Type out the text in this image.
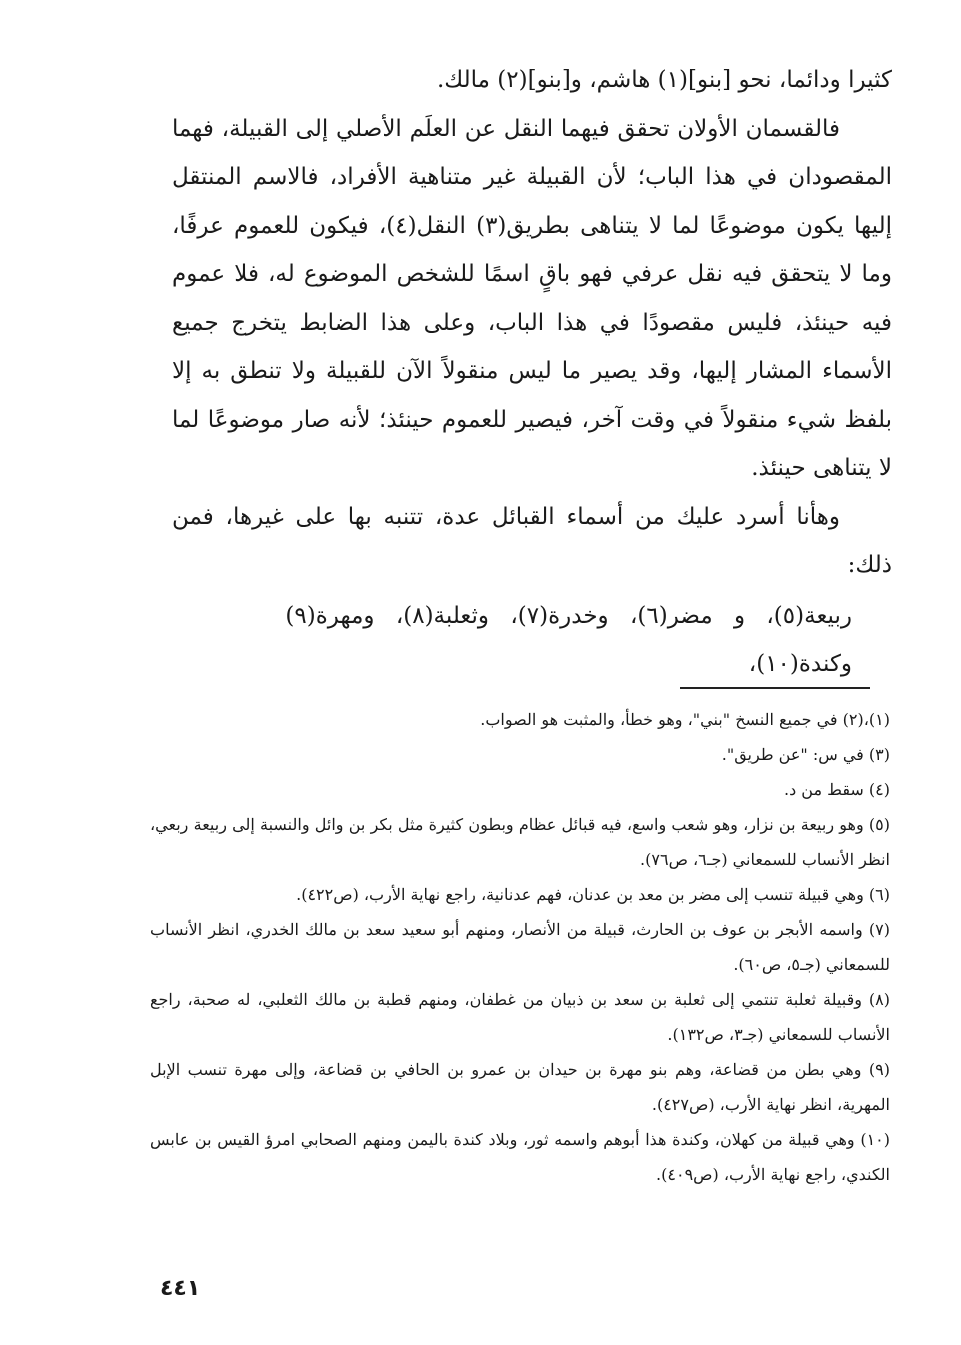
كثيرا ودائما، نحو [بنو](١) هاشم، و[بنو](٢) مالك.

فالقسمان الأولان تحقق فيهما النقل عن العلَم الأصلي إلى القبيلة، فهما المقصودان في هذا الباب؛ لأن القبيلة غير متناهية الأفراد، فالاسم المنتقل إليها يكون موضوعًا لما لا يتناهى بطريق(٣) النقل(٤)، فيكون للعموم عرفًا، وما لا يتحقق فيه نقل عرفي فهو باقٍ اسمًا للشخص الموضوع له، فلا عموم فيه حينئذ، فليس مقصودًا في هذا الباب، وعلى هذا الضابط يتخرج جميع الأسماء المشار إليها، وقد يصير ما ليس منقولاً الآن للقبيلة ولا تنطق به إلا بلفظ شيء منقولاً في وقت آخر، فيصير للعموم حينئذ؛ لأنه صار موضوعًا لما لا يتناهى حينئذ.

وهأنا أسرد عليك من أسماء القبائل عدة، تتنبه بها على غيرها، فمن ذلك:

ربيعة(٥)، و مضر(٦)، وخدرة(٧)، وثعلبة(٨)، ومهرة(٩) وكندة(١٠)،

(١)،(٢) في جميع النسخ "بني"، وهو خطأ، والمثبت هو الصواب.

(٣) في س: "عن طريق".

(٤) سقط من د.

(٥) وهو ربيعة بن نزار، وهو شعب واسع، فيه قبائل عظام وبطون كثيرة مثل بكر بن وائل والنسبة إلى ربيعة ربعي، انظر الأنساب للسمعاني (جـ٦، ص٧٦).

(٦) وهي قبيلة تنسب إلى مضر بن معد بن عدنان، فهم عدنانية، راجع نهاية الأرب، (ص٤٢٢).

(٧) واسمه الأبجر بن عوف بن الحارث، قبيلة من الأنصار، ومنهم أبو سعيد سعد بن مالك الخدري، انظر الأنساب للسمعاني (جـ٥، ص٦٠).

(٨) وقبيلة ثعلبة تنتمي إلى ثعلبة بن سعد بن ذبيان من غطفان، ومنهم قطبة بن مالك الثعلبي، له صحبة، راجع الأنساب للسمعاني (جـ٣، ص١٣٢).

(٩) وهي بطن من قضاعة، وهم بنو مهرة بن حيدان بن عمرو بن الحافي بن قضاعة، وإلى مهرة تنسب الإبل المهرية، انظر نهاية الأرب، (ص٤٢٧).

(١٠) وهي قبيلة من كهلان، وكندة هذا أبوهم واسمه ثور، وبلاد كندة باليمن ومنهم الصحابي امرؤ القيس بن عابس الكندي، راجع نهاية الأرب، (ص٤٠٩).

٤٤١
